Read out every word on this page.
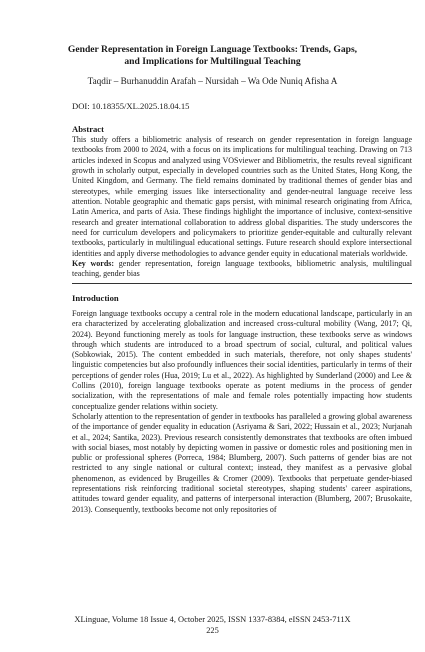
Gender Representation in Foreign Language Textbooks: Trends, Gaps, and Implications for Multilingual Teaching
Taqdir – Burhanuddin Arafah – Nursidah – Wa Ode Nuniq Afisha A
DOI: 10.18355/XL.2025.18.04.15
Abstract

This study offers a bibliometric analysis of research on gender representation in foreign language textbooks from 2000 to 2024, with a focus on its implications for multilingual teaching. Drawing on 713 articles indexed in Scopus and analyzed using VOSviewer and Bibliometrix, the results reveal significant growth in scholarly output, especially in developed countries such as the United States, Hong Kong, the United Kingdom, and Germany. The field remains dominated by traditional themes of gender bias and stereotypes, while emerging issues like intersectionality and gender-neutral language receive less attention. Notable geographic and thematic gaps persist, with minimal research originating from Africa, Latin America, and parts of Asia. These findings highlight the importance of inclusive, context-sensitive research and greater international collaboration to address global disparities. The study underscores the need for curriculum developers and policymakers to prioritize gender-equitable and culturally relevant textbooks, particularly in multilingual educational settings. Future research should explore intersectional identities and apply diverse methodologies to advance gender equity in educational materials worldwide.

Key words: gender representation, foreign language textbooks, bibliometric analysis, multilingual teaching, gender bias

Introduction

Foreign language textbooks occupy a central role in the modern educational landscape, particularly in an era characterized by accelerating globalization and increased cross-cultural mobility (Wang, 2017; Qi, 2024). Beyond functioning merely as tools for language instruction, these textbooks serve as windows through which students are introduced to a broad spectrum of social, cultural, and political values (Sobkowiak, 2015). The content embedded in such materials, therefore, not only shapes students' linguistic competencies but also profoundly influences their social identities, particularly in terms of their perceptions of gender roles (Hua, 2019; Lu et al., 2022). As highlighted by Sunderland (2000) and Lee & Collins (2010), foreign language textbooks operate as potent mediums in the process of gender socialization, with the representations of male and female roles potentially impacting how students conceptualize gender relations within society.

Scholarly attention to the representation of gender in textbooks has paralleled a growing global awareness of the importance of gender equality in education (Asriyama & Sari, 2022; Hussain et al., 2023; Nurjanah et al., 2024; Santika, 2023). Previous research consistently demonstrates that textbooks are often imbued with social biases, most notably by depicting women in passive or domestic roles and positioning men in public or professional spheres (Porreca, 1984; Blumberg, 2007). Such patterns of gender bias are not restricted to any single national or cultural context; instead, they manifest as a pervasive global phenomenon, as evidenced by Brugeilles & Cromer (2009). Textbooks that perpetuate gender-biased representations risk reinforcing traditional societal stereotypes, shaping students' career aspirations, attitudes toward gender equality, and patterns of interpersonal interaction (Blumberg, 2007; Brusokaite, 2013). Consequently, textbooks become not only repositories of

XLinguae, Volume 18 Issue 4, October 2025, ISSN 1337-8384, eISSN 2453-711X
225
